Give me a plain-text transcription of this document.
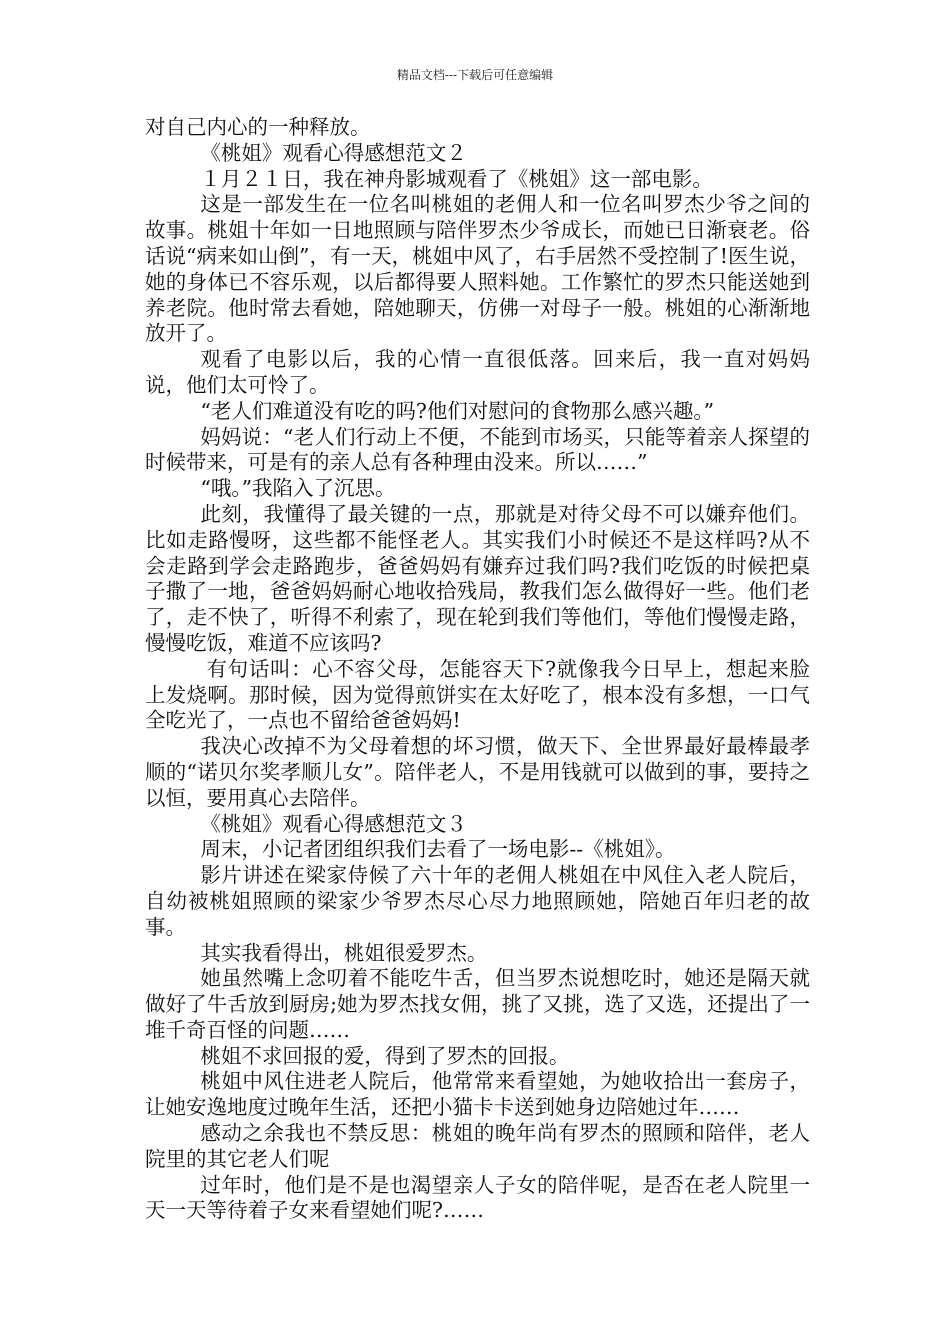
精品文档---下载后可任意编辑

对自己内心的一种释放。

《桃姐》观看心得感想范文２

１月２１日，我在神舟影城观看了《桃姐》这一部电影。

这是一部发生在一位名叫桃姐的老佣人和一位名叫罗杰少爷之间的故事。桃姐十年如一日地照顾与陪伴罗杰少爷成长，而她已日渐衰老。俗话说“病来如山倒”，有一天，桃姐中风了，右手居然不受控制了!医生说，她的身体已不容乐观，以后都得要人照料她。工作繁忙的罗杰只能送她到养老院。他时常去看她，陪她聊天，仿佛一对母子一般。桃姐的心渐渐地放开了。

观看了电影以后，我的心情一直很低落。回来后，我一直对妈妈说，他们太可怜了。

“老人们难道没有吃的吗?他们对慰问的食物那么感兴趣。”

妈妈说：“老人们行动上不便，不能到市场买，只能等着亲人探望的 时候带来，可是有的亲人总有各种理由没来。所以……”

“哦。”我陷入了沉思。

此刻，我懂得了最关键的一点，那就是对待父母不可以嫌弃他们。比如走路慢呀，这些都不能怪老人。其实我们小时候还不是这样吗?从不会走路到学会走路跑步，爸爸妈妈有嫌弃过我们吗?我们吃饭的时候把桌子撒了一地，爸爸妈妈耐心地收拾残局，教我们怎么做得好一些。他们老了，走不快了，听得不利索了，现在轮到我们等他们，等他们慢慢走路，慢慢吃饭，难道不应该吗?

有句话叫：心不容父母，怎能容天下?就像我今日早上，想起来脸上发烧啊。那时候，因为觉得煎饼实在太好吃了，根本没有多想，一口气全吃光了，一点也不留给爸爸妈妈!

我决心改掉不为父母着想的坏习惯，做天下、全世界最好最棒最孝顺的“诺贝尔奖孝顺儿女”。陪伴老人，不是用钱就可以做到的事，要持之以恒，要用真心去陪伴。

《桃姐》观看心得感想范文３

周末，小记者团组织我们去看了一场电影--《桃姐》。

影片讲述在梁家侍候了六十年的老佣人桃姐在中风住入老人院后，自幼被桃姐照顾的梁家少爷罗杰尽心尽力地照顾她，陪她百年归老的故事。

其实我看得出，桃姐很爱罗杰。

她虽然嘴上念叨着不能吃牛舌，但当罗杰说想吃时，她还是隔天就做好了牛舌放到厨房;她为罗杰找女佣，挑了又挑，选了又选，还提出了一堆千奇百怪的问题……

桃姐不求回报的爱，得到了罗杰的回报。

桃姐中风住进老人院后，他常常来看望她，为她收拾出一套房子，让她安逸地度过晚年生活，还把小猫卡卡送到她身边陪她过年……

感动之余我也不禁反思：桃姐的晚年尚有罗杰的照顾和陪伴，老人院里的其它老人们呢

过年时，他们是不是也渴望亲人子女的陪伴呢，是否在老人院里一天一天等待着子女来看望她们呢?……
